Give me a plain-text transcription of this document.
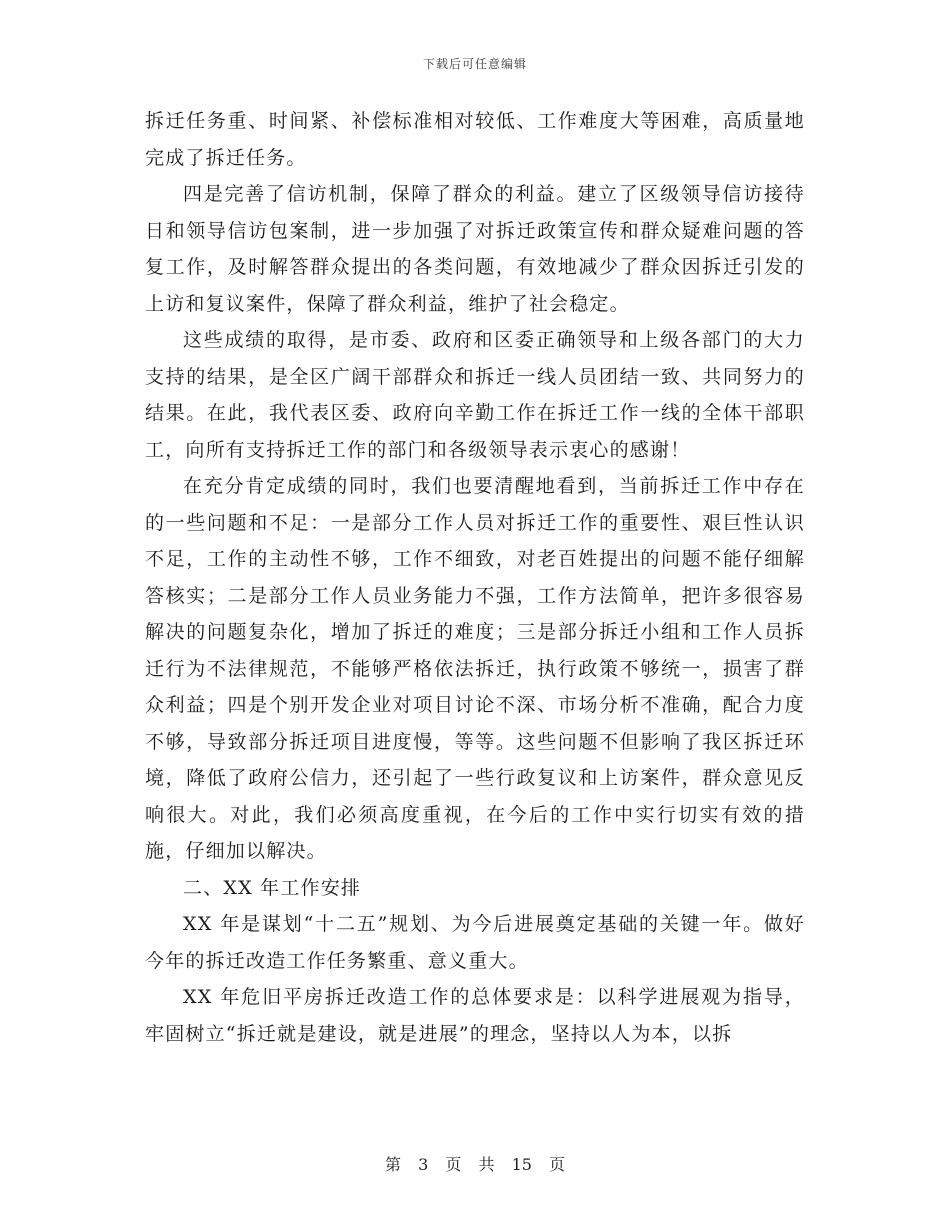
下载后可任意编辑

拆迁任务重、时间紧、补偿标准相对较低、工作难度大等困难，高质量地完成了拆迁任务。

四是完善了信访机制，保障了群众的利益。建立了区级领导信访接待日和领导信访包案制，进一步加强了对拆迁政策宣传和群众疑难问题的答复工作，及时解答群众提出的各类问题，有效地减少了群众因拆迁引发的上访和复议案件，保障了群众利益，维护了社会稳定。

这些成绩的取得，是市委、政府和区委正确领导和上级各部门的大力支持的结果，是全区广阔干部群众和拆迁一线人员团结一致、共同努力的结果。在此，我代表区委、政府向辛勤工作在拆迁工作一线的全体干部职工，向所有支持拆迁工作的部门和各级领导表示衷心的感谢！

在充分肯定成绩的同时，我们也要清醒地看到，当前拆迁工作中存在的一些问题和不足：一是部分工作人员对拆迁工作的重要性、艰巨性认识不足，工作的主动性不够，工作不细致，对老百姓提出的问题不能仔细解答核实；二是部分工作人员业务能力不强，工作方法简单，把许多很容易解决的问题复杂化，增加了拆迁的难度；三是部分拆迁小组和工作人员拆迁行为不法律规范，不能够严格依法拆迁，执行政策不够统一，损害了群众利益；四是个别开发企业对项目讨论不深、市场分析不准确，配合力度不够，导致部分拆迁项目进度慢，等等。这些问题不但影响了我区拆迁环境，降低了政府公信力，还引起了一些行政复议和上访案件，群众意见反响很大。对此，我们必须高度重视，在今后的工作中实行切实有效的措施，仔细加以解决。

二、XX 年工作安排

XX 年是谋划“十二五”规划、为今后进展奠定基础的关键一年。做好今年的拆迁改造工作任务繁重、意义重大。

XX 年危旧平房拆迁改造工作的总体要求是：以科学进展观为指导，牢固树立“拆迁就是建设，就是进展”的理念，坚持以人为本，以拆

第 3 页 共 15 页
